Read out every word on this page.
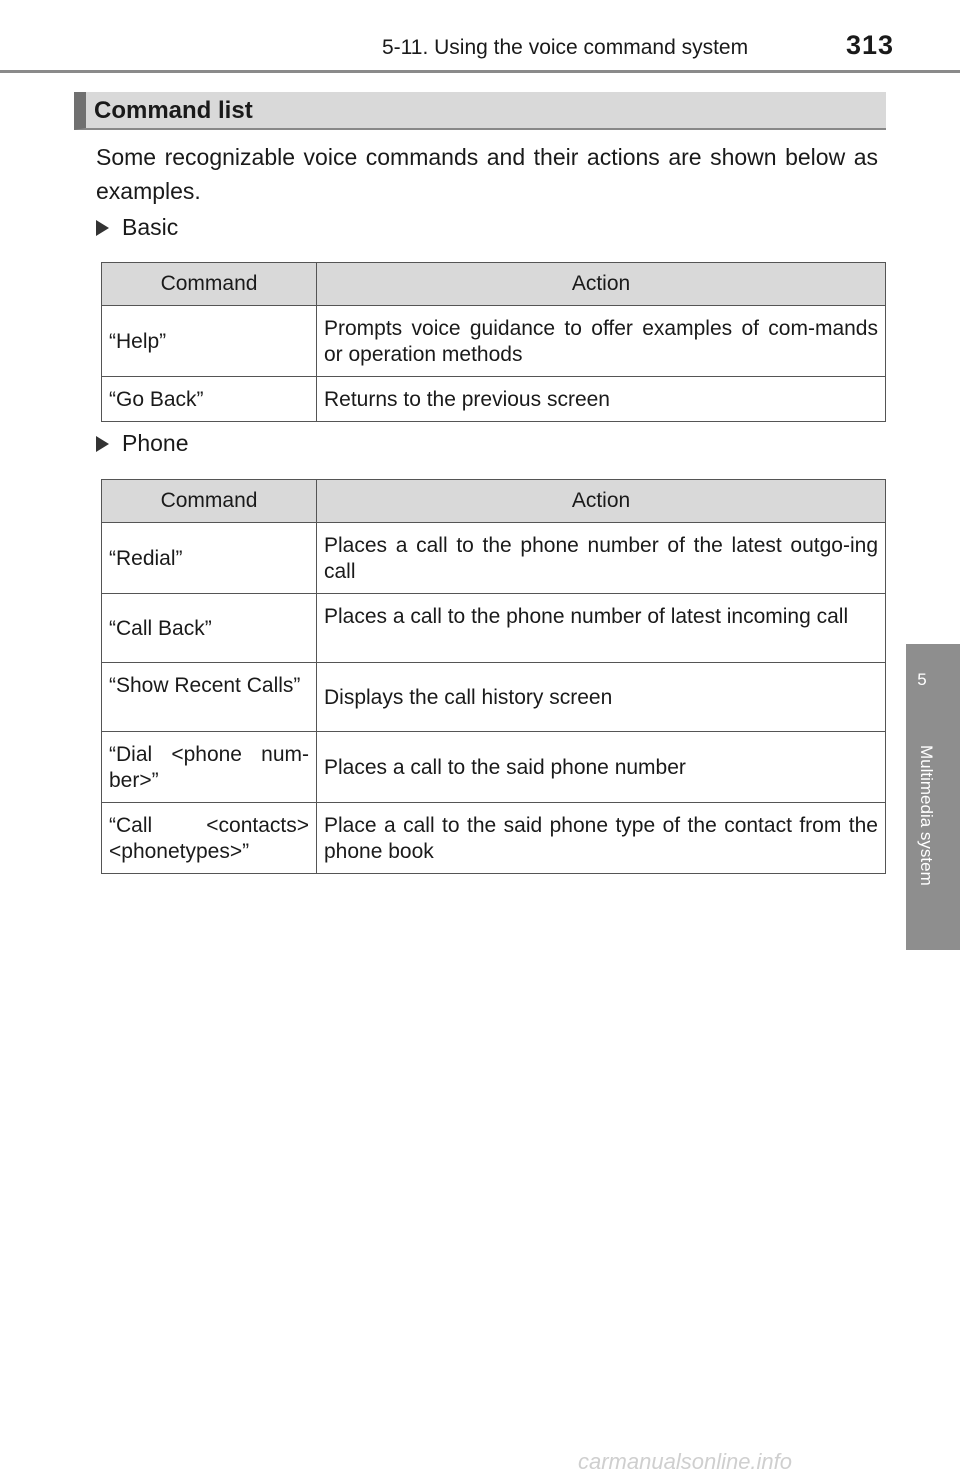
5-11. Using the voice command system	313
5
Multimedia system
Command list
Some recognizable voice commands and their actions are shown below as examples.
Basic
Command	Action
“Help”	Prompts voice guidance to offer examples of com-mands or operation methods
“Go Back”	Returns to the previous screen
Phone
Command	Action
“Redial”	Places a call to the phone number of the latest outgo-ing call
“Call Back”	Places a call to the phone number of latest incoming call
“Show Recent Calls”	Displays the call history screen
“Dial <phone num-ber>”	Places a call to the said phone number
“Call <contacts> <phonetypes>”	Place a call to the said phone type of the contact from the phone book
carmanualsonline.info
